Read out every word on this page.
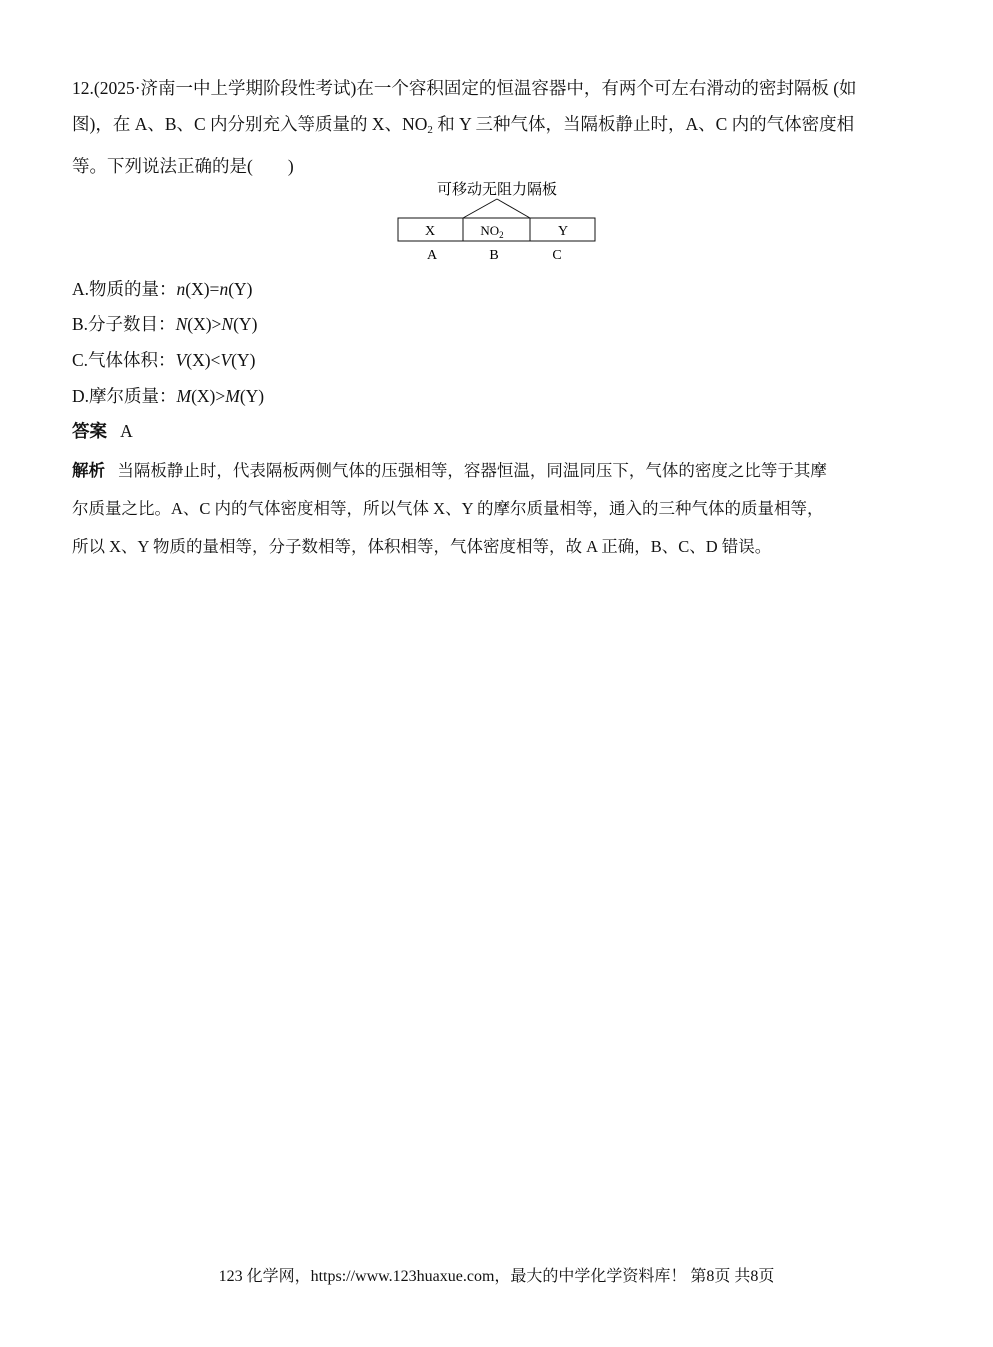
12.(2025·济南一中上学期阶段性考试)在一个容积固定的恒温容器中，有两个可左右滑动的密封隔板 (如
图)，在 A、B、C 内分别充入等质量的 X、$NO_2$ 和 Y 三种气体，当隔板静止时，A、C 内的气体密度相
等。下列说法正确的是(　　)
可移动无阻力隔板
X	$NO_2$	Y
A	B	C
A.物质的量：n(X)=n(Y)
B.分子数目：N(X)>N(Y)
C.气体体积：V(X)<V(Y)
D.摩尔质量：M(X)>M(Y)
答案 A
解析 当隔板静止时，代表隔板两侧气体的压强相等，容器恒温，同温同压下，气体的密度之比等于其摩
尔质量之比。A、C 内的气体密度相等，所以气体 X、Y 的摩尔质量相等，通入的三种气体的质量相等，
所以 X、Y 物质的量相等，分子数相等，体积相等，气体密度相等，故 A 正确，B、C、D 错误。
123 化学网，https://www.123huaxue.com，最大的中学化学资料库！ 第8页 共8页
